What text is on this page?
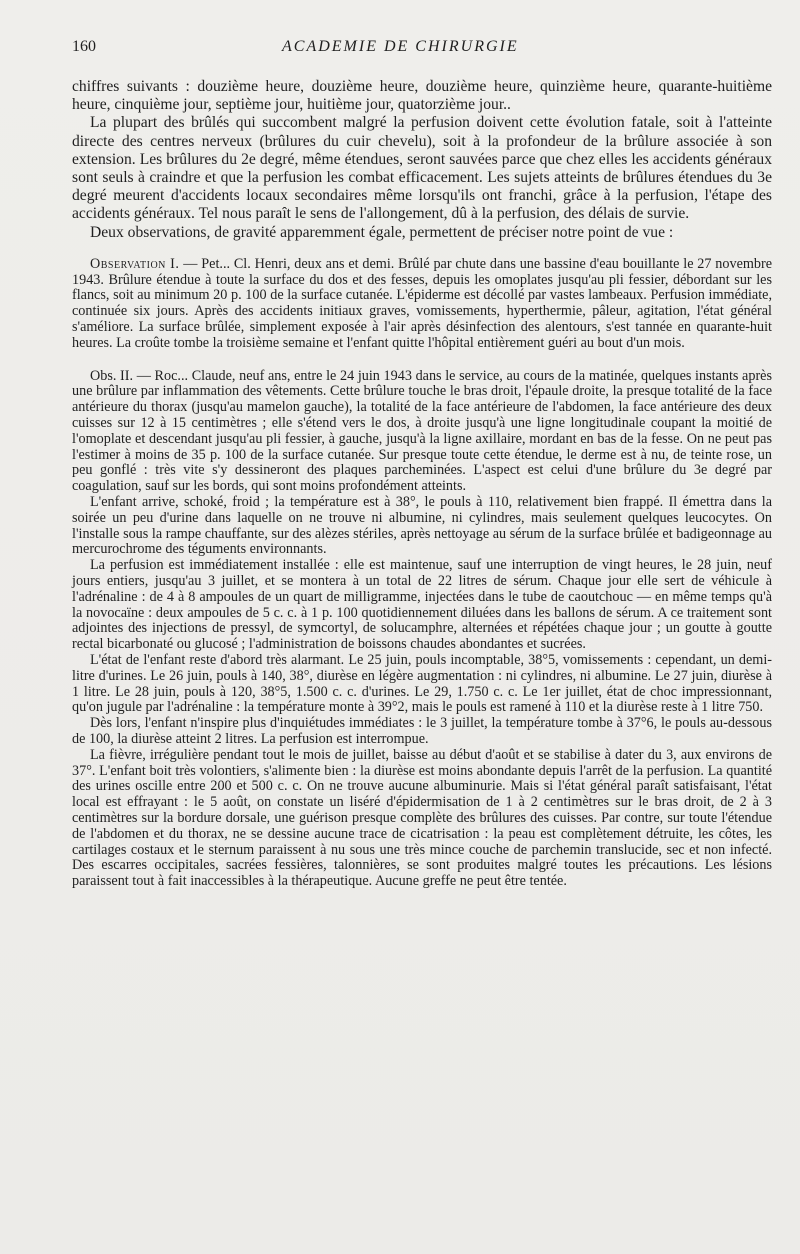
160	ACADEMIE DE CHIRURGIE

chiffres suivants : douzième heure, douzième heure, douzième heure, quinzième heure, quarante-huitième heure, cinquième jour, septième jour, huitième jour, quatorzième jour..

La plupart des brûlés qui succombent malgré la perfusion doivent cette évolution fatale, soit à l'atteinte directe des centres nerveux (brûlures du cuir chevelu), soit à la profondeur de la brûlure associée à son extension. Les brûlures du 2e degré, même étendues, seront sauvées parce que chez elles les accidents généraux sont seuls à craindre et que la perfusion les combat efficacement. Les sujets atteints de brûlures étendues du 3e degré meurent d'accidents locaux secondaires même lorsqu'ils ont franchi, grâce à la perfusion, l'étape des accidents généraux. Tel nous paraît le sens de l'allongement, dû à la perfusion, des délais de survie.

Deux observations, de gravité apparemment égale, permettent de préciser notre point de vue :

Observation I. — Pet... Cl. Henri, deux ans et demi. Brûlé par chute dans une bassine d'eau bouillante le 27 novembre 1943. Brûlure étendue à toute la surface du dos et des fesses, depuis les omoplates jusqu'au pli fessier, débordant sur les flancs, soit au minimum 20 p. 100 de la surface cutanée. L'épiderme est décollé par vastes lambeaux. Perfusion immédiate, continuée six jours. Après des accidents initiaux graves, vomissements, hyperthermie, pâleur, agitation, l'état général s'améliore. La surface brûlée, simplement exposée à l'air après désinfection des alentours, s'est tannée en quarante-huit heures. La croûte tombe la troisième semaine et l'enfant quitte l'hôpital entièrement guéri au bout d'un mois.

Obs. II. — Roc... Claude, neuf ans, entre le 24 juin 1943 dans le service, au cours de la matinée, quelques instants après une brûlure par inflammation des vêtements. Cette brûlure touche le bras droit, l'épaule droite, la presque totalité de la face antérieure du thorax (jusqu'au mamelon gauche), la totalité de la face antérieure de l'abdomen, la face antérieure des deux cuisses sur 12 à 15 centimètres ; elle s'étend vers le dos, à droite jusqu'à une ligne longitudinale coupant la moitié de l'omoplate et descendant jusqu'au pli fessier, à gauche, jusqu'à la ligne axillaire, mordant en bas de la fesse. On ne peut pas l'estimer à moins de 35 p. 100 de la surface cutanée. Sur presque toute cette étendue, le derme est à nu, de teinte rose, un peu gonflé : très vite s'y dessineront des plaques parcheminées. L'aspect est celui d'une brûlure du 3e degré par coagulation, sauf sur les bords, qui sont moins profondément atteints.

L'enfant arrive, schoké, froid ; la température est à 38°, le pouls à 110, relativement bien frappé. Il émettra dans la soirée un peu d'urine dans laquelle on ne trouve ni albumine, ni cylindres, mais seulement quelques leucocytes. On l'installe sous la rampe chauffante, sur des alèzes stériles, après nettoyage au sérum de la surface brûlée et badigeonnage au mercurochrome des téguments environnants.

La perfusion est immédiatement installée : elle est maintenue, sauf une interruption de vingt heures, le 28 juin, neuf jours entiers, jusqu'au 3 juillet, et se montera à un total de 22 litres de sérum. Chaque jour elle sert de véhicule à l'adrénaline : de 4 à 8 ampoules de un quart de milligramme, injectées dans le tube de caoutchouc — en même temps qu'à la novocaïne : deux ampoules de 5 c. c. à 1 p. 100 quotidiennement diluées dans les ballons de sérum. A ce traitement sont adjointes des injections de pressyl, de symcortyl, de solucamphre, alternées et répétées chaque jour ; un goutte à goutte rectal bicarbonaté ou glucosé ; l'administration de boissons chaudes abondantes et sucrées.

L'état de l'enfant reste d'abord très alarmant. Le 25 juin, pouls incomptable, 38°5, vomissements : cependant, un demi-litre d'urines. Le 26 juin, pouls à 140, 38°, diurèse en légère augmentation : ni cylindres, ni albumine. Le 27 juin, diurèse à 1 litre. Le 28 juin, pouls à 120, 38°5, 1.500 c. c. d'urines. Le 29, 1.750 c. c. Le 1er juillet, état de choc impressionnant, qu'on jugule par l'adrénaline : la température monte à 39°2, mais le pouls est ramené à 110 et la diurèse reste à 1 litre 750.

Dès lors, l'enfant n'inspire plus d'inquiétudes immédiates : le 3 juillet, la température tombe à 37°6, le pouls au-dessous de 100, la diurèse atteint 2 litres. La perfusion est interrompue.

La fièvre, irrégulière pendant tout le mois de juillet, baisse au début d'août et se stabilise à dater du 3, aux environs de 37°. L'enfant boit très volontiers, s'alimente bien : la diurèse est moins abondante depuis l'arrêt de la perfusion. La quantité des urines oscille entre 200 et 500 c. c. On ne trouve aucune albuminurie. Mais si l'état général paraît satisfaisant, l'état local est effrayant : le 5 août, on constate un liséré d'épidermisation de 1 à 2 centimètres sur le bras droit, de 2 à 3 centimètres sur la bordure dorsale, une guérison presque complète des brûlures des cuisses. Par contre, sur toute l'étendue de l'abdomen et du thorax, ne se dessine aucune trace de cicatrisation : la peau est complètement détruite, les côtes, les cartilages costaux et le sternum paraissent à nu sous une très mince couche de parchemin translucide, sec et non infecté. Des escarres occipitales, sacrées fessières, talonnières, se sont produites malgré toutes les précautions. Les lésions paraissent tout à fait inaccessibles à la thérapeutique. Aucune greffe ne peut être tentée.
